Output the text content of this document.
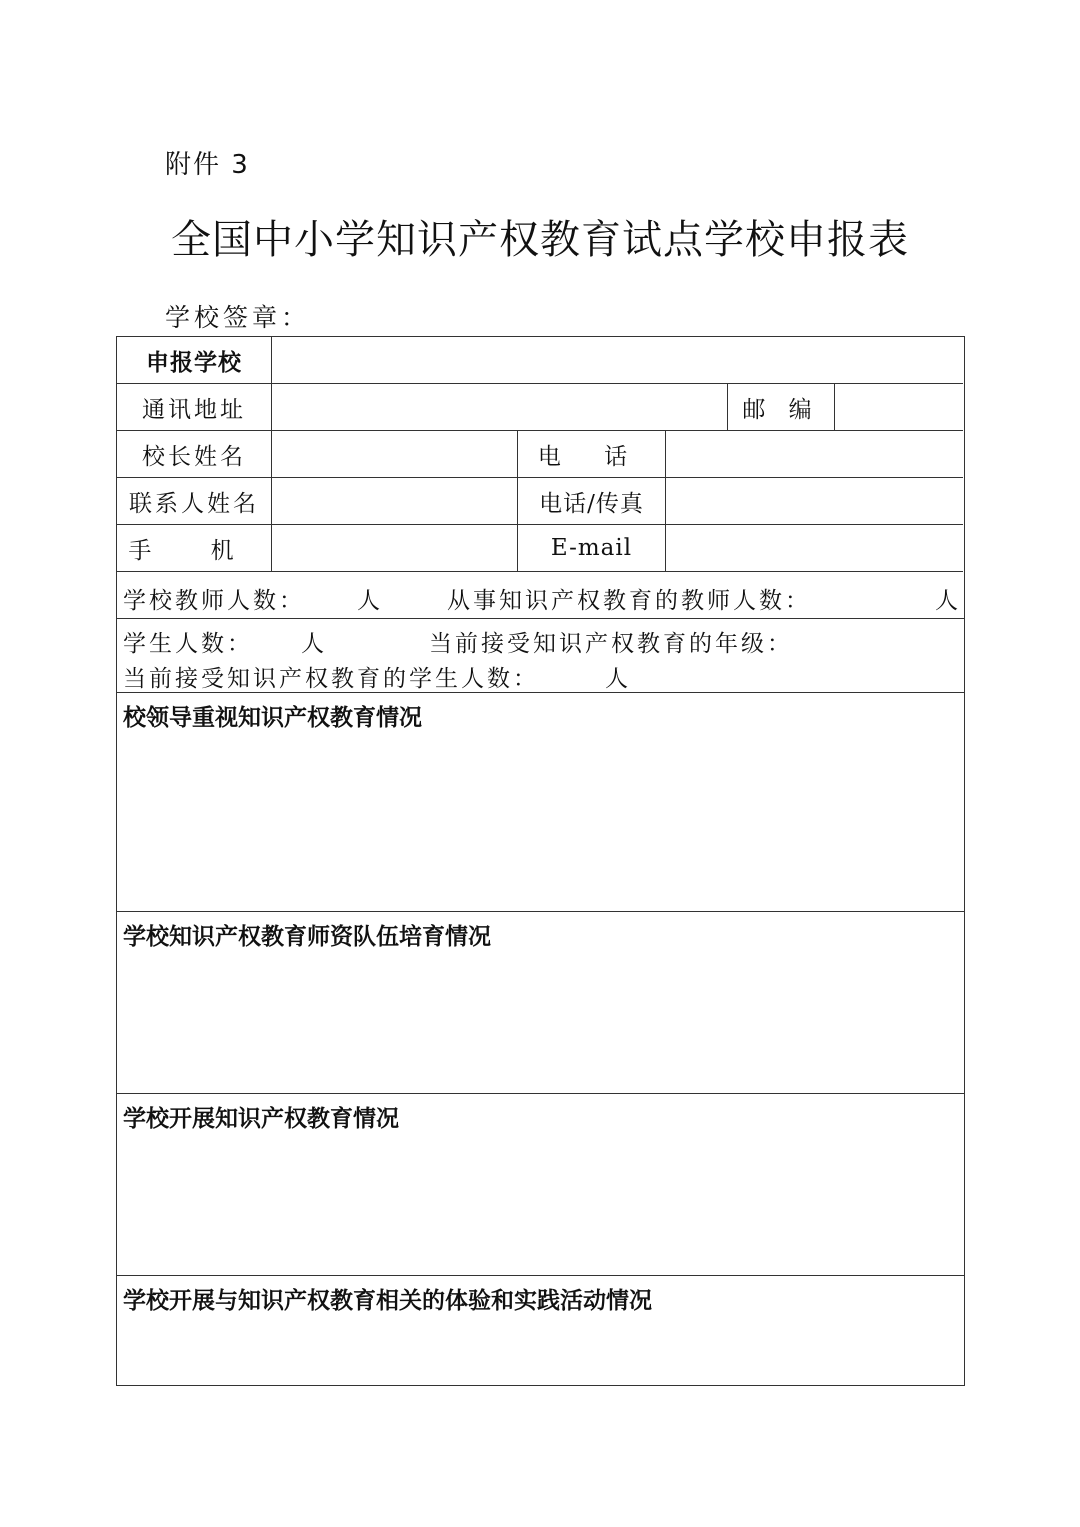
附件 3
全国中小学知识产权教育试点学校申报表
学校签章：
申报学校
通讯地址	邮 编
校长姓名	电 话
联系人姓名	电话/传真
手 机	E-mail
学校教师人数： 人	从事知识产权教育的教师人数：	人
学生人数： 人	当前接受知识产权教育的年级：
当前接受知识产权教育的学生人数：	人
校领导重视知识产权教育情况
学校知识产权教育师资队伍培育情况
学校开展知识产权教育情况
学校开展与知识产权教育相关的体验和实践活动情况
